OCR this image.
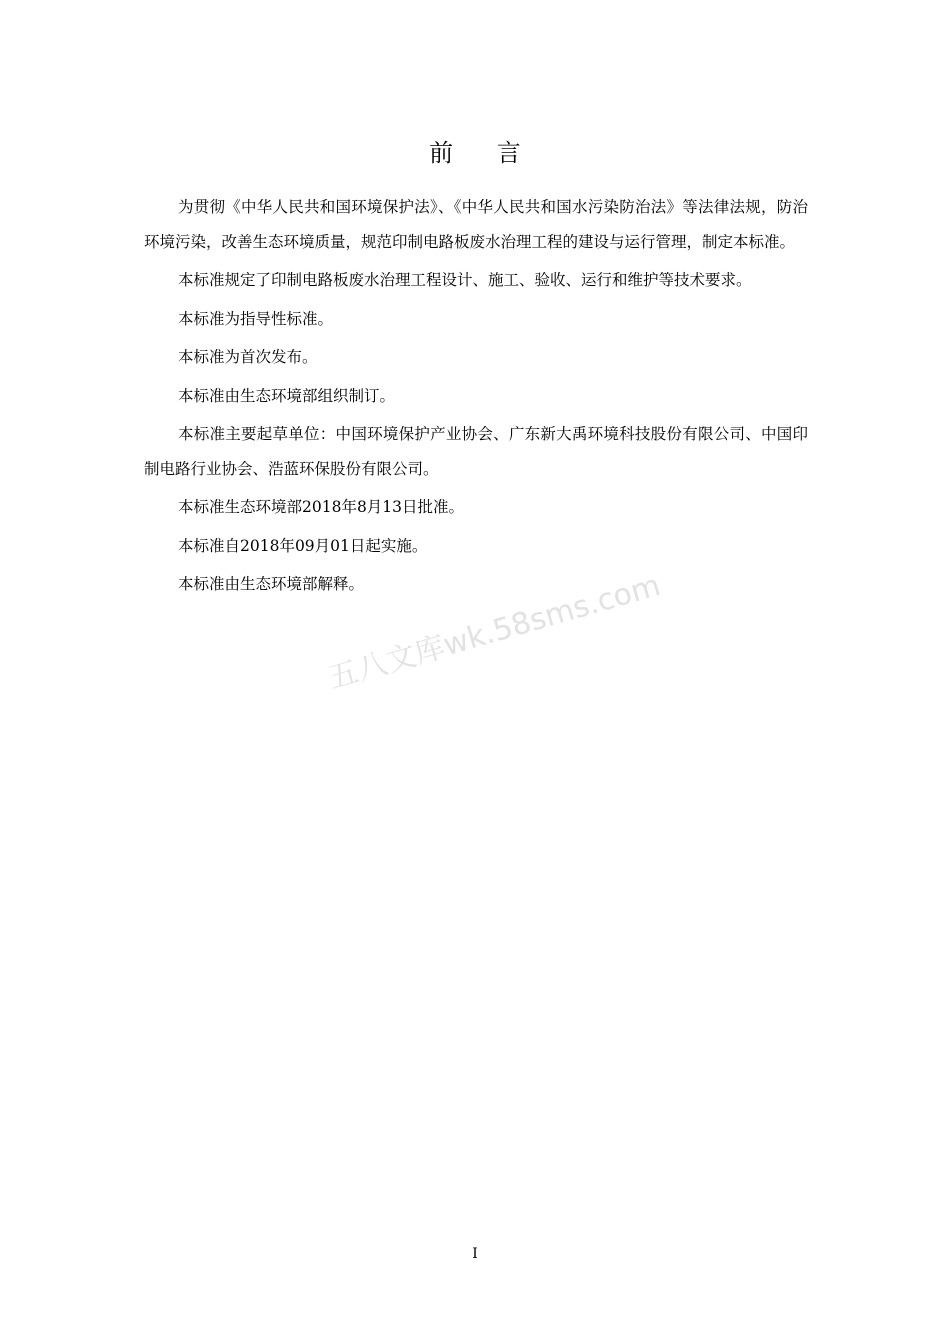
前 言

为贯彻《中华人民共和国环境保护法》、《中华人民共和国水污染防治法》等法律法规，防治环境污染，改善生态环境质量，规范印制电路板废水治理工程的建设与运行管理，制定本标准。

本标准规定了印制电路板废水治理工程设计、施工、验收、运行和维护等技术要求。

本标准为指导性标准。

本标准为首次发布。

本标准由生态环境部组织制订。

本标准主要起草单位：中国环境保护产业协会、广东新大禹环境科技股份有限公司、中国印制电路行业协会、浩蓝环保股份有限公司。

本标准生态环境部2018年8月13日批准。

本标准自2018年09月01日起实施。

本标准由生态环境部解释。

五八文库wk.58sms.com
I
